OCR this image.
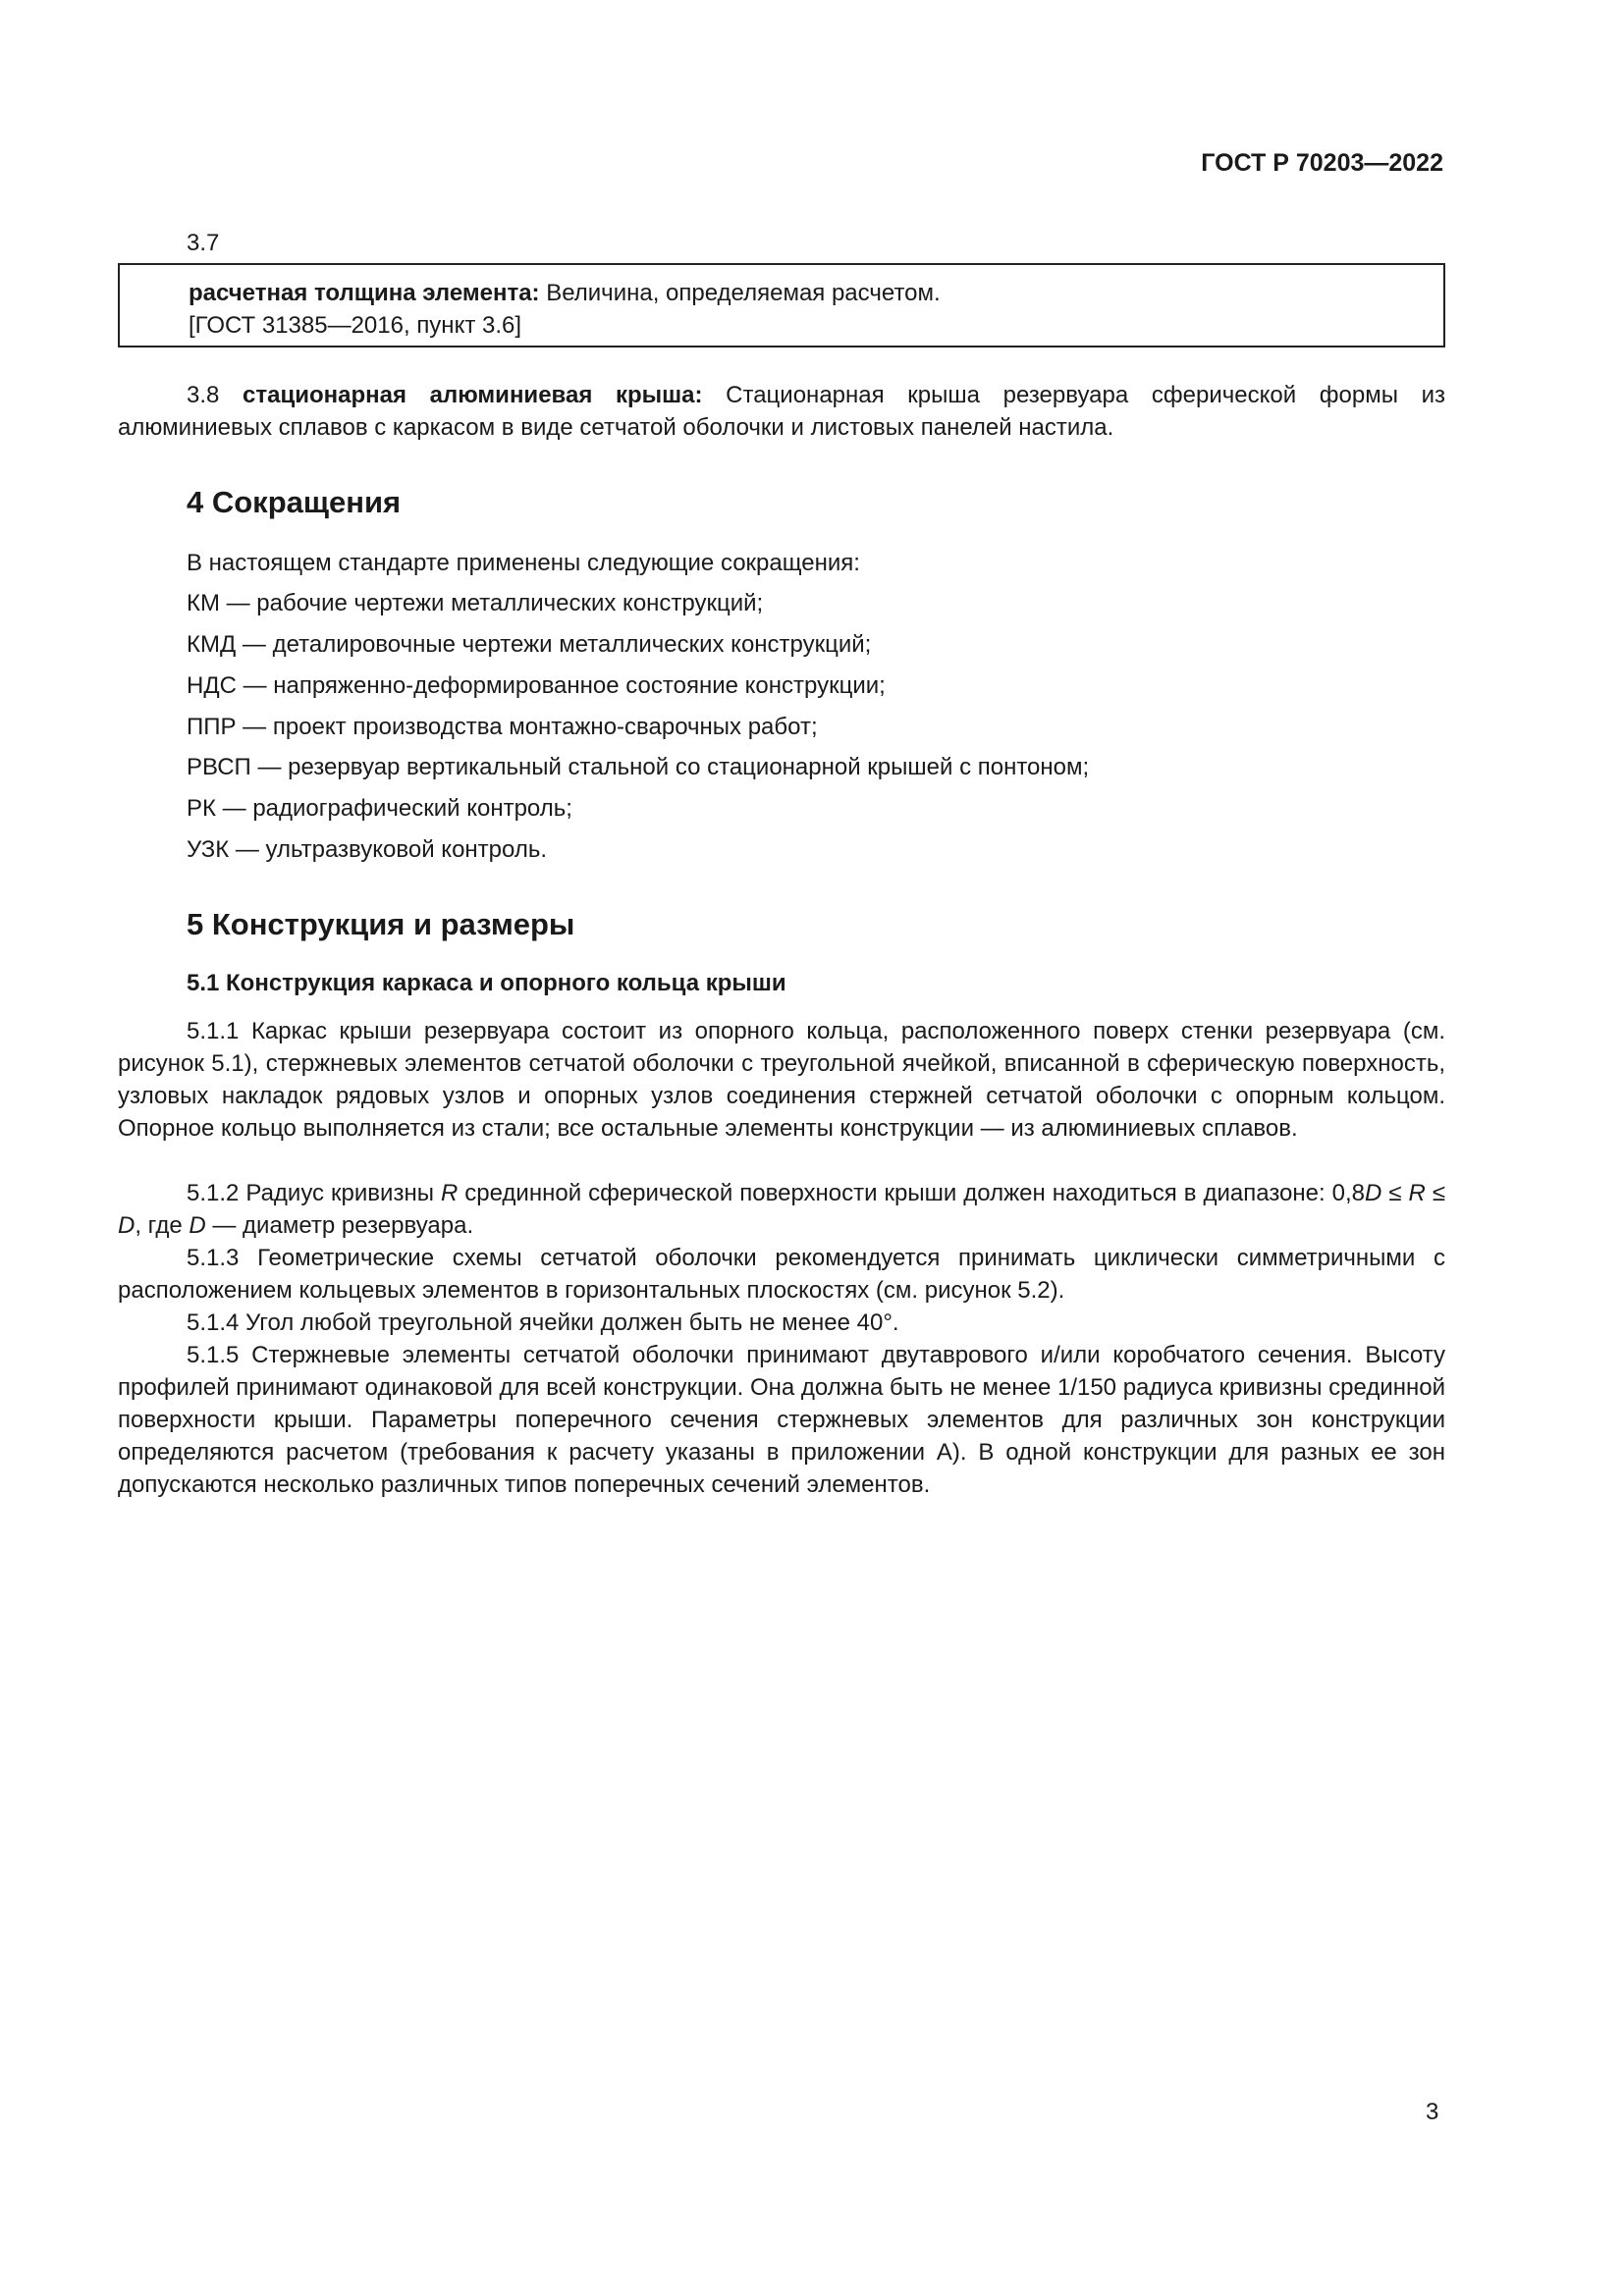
ГОСТ Р 70203—2022
3.7
расчетная толщина элемента: Величина, определяемая расчетом.
[ГОСТ 31385—2016, пункт 3.6]
3.8 стационарная алюминиевая крыша: Стационарная крыша резервуара сферической формы из алюминиевых сплавов с каркасом в виде сетчатой оболочки и листовых панелей настила.
4 Сокращения
В настоящем стандарте применены следующие сокращения:
КМ — рабочие чертежи металлических конструкций;
КМД — деталировочные чертежи металлических конструкций;
НДС — напряженно-деформированное состояние конструкции;
ППР — проект производства монтажно-сварочных работ;
РВСП — резервуар вертикальный стальной со стационарной крышей с понтоном;
РК — радиографический контроль;
УЗК — ультразвуковой контроль.
5 Конструкция и размеры
5.1 Конструкция каркаса и опорного кольца крыши
5.1.1 Каркас крыши резервуара состоит из опорного кольца, расположенного поверх стенки резервуара (см. рисунок 5.1), стержневых элементов сетчатой оболочки с треугольной ячейкой, вписанной в сферическую поверхность, узловых накладок рядовых узлов и опорных узлов соединения стержней сетчатой оболочки с опорным кольцом. Опорное кольцо выполняется из стали; все остальные элементы конструкции — из алюминиевых сплавов.
5.1.2 Радиус кривизны R срединной сферической поверхности крыши должен находиться в диапазоне: 0,8D ≤ R ≤ D, где D — диаметр резервуара.
5.1.3 Геометрические схемы сетчатой оболочки рекомендуется принимать циклически симметричными с расположением кольцевых элементов в горизонтальных плоскостях (см. рисунок 5.2).
5.1.4 Угол любой треугольной ячейки должен быть не менее 40°.
5.1.5 Стержневые элементы сетчатой оболочки принимают двутаврового и/или коробчатого сечения. Высоту профилей принимают одинаковой для всей конструкции. Она должна быть не менее 1/150 радиуса кривизны срединной поверхности крыши. Параметры поперечного сечения стержневых элементов для различных зон конструкции определяются расчетом (требования к расчету указаны в приложении А). В одной конструкции для разных ее зон допускаются несколько различных типов поперечных сечений элементов.
3
